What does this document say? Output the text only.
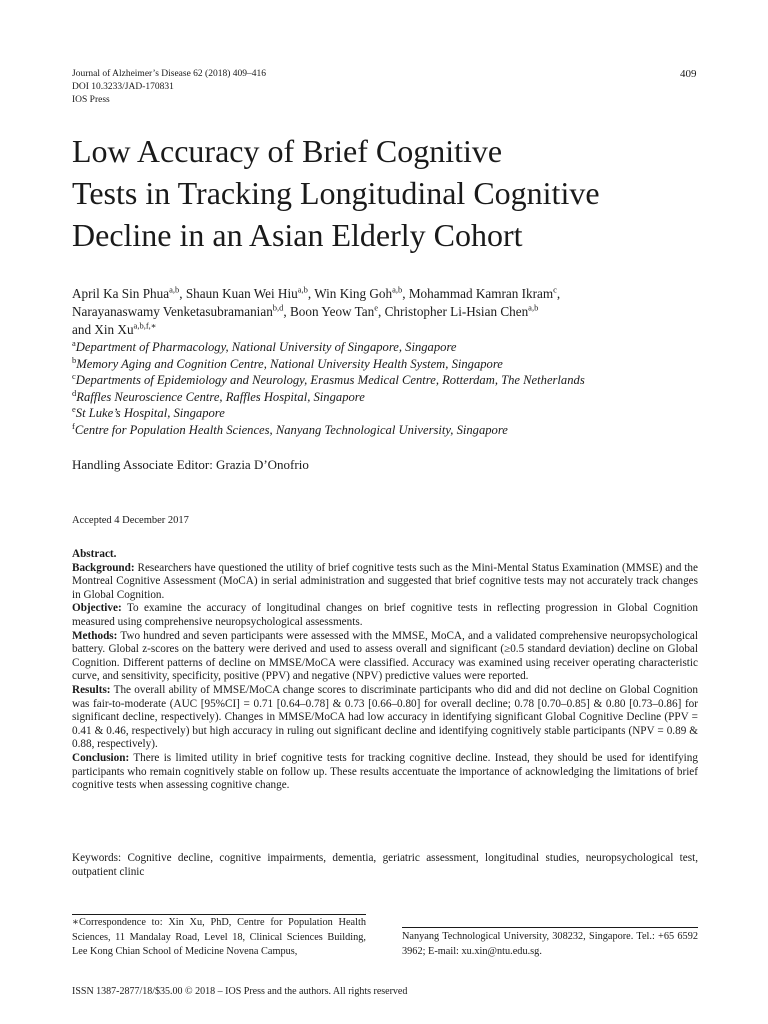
Journal of Alzheimer’s Disease 62 (2018) 409–416
DOI 10.3233/JAD-170831
IOS Press
409
Low Accuracy of Brief Cognitive
Tests in Tracking Longitudinal Cognitive
Decline in an Asian Elderly Cohort
April Ka Sin Phua$^{a,b}$, Shaun Kuan Wei Hiu$^{a,b}$, Win King Goh$^{a,b}$, Mohammad Kamran Ikram$^c$,
Narayanaswamy Venketasubramanian$^{b,d}$, Boon Yeow Tan$^e$, Christopher Li-Hsian Chen$^{a,b}$
and Xin $Xu^{a,b,f,∗}$
$^a$Department of Pharmacology, National University of Singapore, Singapore
$^b$Memory Aging and Cognition Centre, National University Health System, Singapore
$^c$Departments of Epidemiology and Neurology, Erasmus Medical Centre, Rotterdam, The Netherlands
$^d$Raffles Neuroscience Centre, Raffles Hospital, Singapore
$^e$St Luke’s Hospital, Singapore
$^f$Centre for Population Health Sciences, Nanyang Technological University, Singapore
Handling Associate Editor: Grazia D’Onofrio
Accepted 4 December 2017

Abstract.

Background: Researchers have questioned the utility of brief cognitive tests such as the Mini-Mental Status Examination (MMSE) and the Montreal Cognitive Assessment (MoCA) in serial administration and suggested that brief cognitive tests may not accurately track changes in Global Cognition.

Objective: To examine the accuracy of longitudinal changes on brief cognitive tests in reflecting progression in Global Cognition measured using comprehensive neuropsychological assessments.

Methods: Two hundred and seven participants were assessed with the MMSE, MoCA, and a validated comprehensive neuropsychological battery. Global z-scores on the battery were derived and used to assess overall and significant (≥0.5 standard deviation) decline on Global Cognition. Different patterns of decline on MMSE/MoCA were classified. Accuracy was examined using receiver operating characteristic curve, and sensitivity, specificity, positive (PPV) and negative (NPV) predictive values were reported.

Results: The overall ability of MMSE/MoCA change scores to discriminate participants who did and did not decline on Global Cognition was fair-to-moderate (AUC [95%CI] = 0.71 [0.64–0.78] & 0.73 [0.66–0.80] for overall decline; 0.78 [0.70–0.85] & 0.80 [0.73–0.86] for significant decline, respectively). Changes in MMSE/MoCA had low accuracy in identifying significant Global Cognitive Decline (PPV = 0.41 & 0.46, respectively) but high accuracy in ruling out significant decline and identifying cognitively stable participants (NPV = 0.89 & 0.88, respectively).

Conclusion: There is limited utility in brief cognitive tests for tracking cognitive decline. Instead, they should be used for identifying participants who remain cognitively stable on follow up. These results accentuate the importance of acknowledging the limitations of brief cognitive tests when assessing cognitive change.

Keywords: Cognitive decline, cognitive impairments, dementia, geriatric assessment, longitudinal studies, neuropsychological test, outpatient clinic
∗Correspondence to: Xin Xu, PhD, Centre for Population Health Sciences, 11 Mandalay Road, Level 18, Clinical Sciences Building, Lee Kong Chian School of Medicine Novena Campus,
Nanyang Technological University, 308232, Singapore. Tel.: +65 6592 3962; E-mail: xu.xin@ntu.edu.sg.
ISSN 1387-2877/18/$35.00 © 2018 – IOS Press and the authors. All rights reserved
